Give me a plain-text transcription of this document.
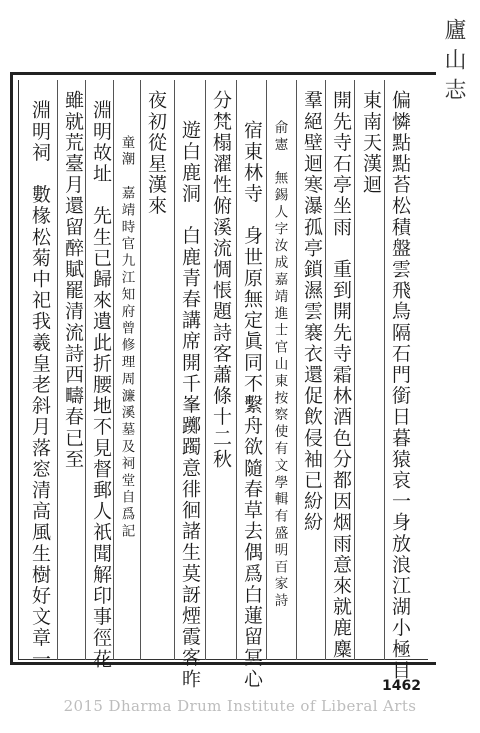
廬山志
偏憐點點苔松積盤雲飛鳥隔石門銜日暮猿哀一身放浪江湖小極目
東南天漢迴
開先寺石亭坐雨　重到開先寺霜林酒色分都因烟雨意來就鹿麋
羣絕壁迴寒瀑孤亭鎖濕雲褰衣還促飲侵袖已紛紛
俞憲　無錫人字汝成嘉靖進士官山東按察使有文學輯有盛明百家詩
宿東林寺　身世原無定眞同不繫舟欲隨春草去偶爲白蓮留冥心
分梵榻濯性俯溪流惆悵題詩客蕭條十二秋
遊白鹿洞　白鹿青春講席開千峯躑躅意徘徊諸生莫訝煙霞客昨
夜初從星漢來
　童潮　嘉靖時官九江知府曾修理周濂溪墓及祠堂自爲記
淵明故址　先生已歸來遺此折腰地不見督郵人祇聞解印事徑花
雖就荒臺月還留醉賦罷清流詩西疇春已至
淵明祠　數椽松菊中祀我羲皇老斜月落窓清高風生樹好文章一
1462
2015 Dharma Drum Institute of Liberal Arts
